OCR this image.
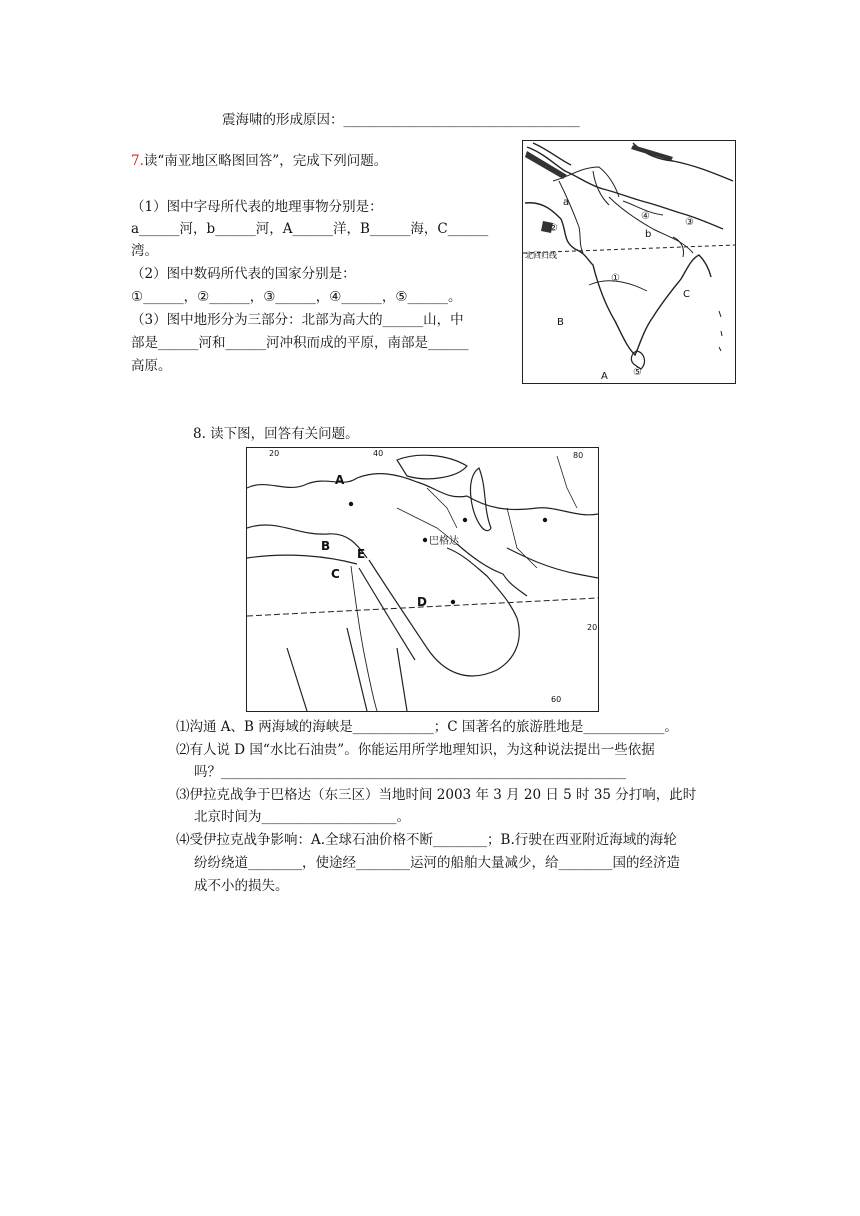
震海啸的形成原因：___________________________________
7.读“南亚地区略图回答”，完成下列问题。
（1）图中字母所代表的地理事物分别是：
a______河，b______河，A______洋，B______海，C______
湾。
（2）图中数码所代表的国家分别是：
①______，②______，③______，④______，⑤______。
（3）图中地形分为三部分：北部为高大的______山，中
部是______河和______河冲积而成的平原，南部是______
高原。
北回归线
a
②
④
b
③
①
C
B
A	⑤
8. 读下图，回答有关问题。
20	40	80
20
60
A
B
E
C
D
巴格达
⑴沟通 A、B 两海域的海峡是____________；C 国著名的旅游胜地是____________。
⑵有人说 D 国“水比石油贵”。你能运用所学地理知识，为这种说法提出一些依据
吗？____________________________________________________________
⑶伊拉克战争于巴格达（东三区）当地时间 2003 年 3 月 20 日 5 时 35 分打响，此时
北京时间为____________________。
⑷受伊拉克战争影响：A.全球石油价格不断________；B.行驶在西亚附近海域的海轮
纷纷绕道________，使途经________运河的船舶大量减少，给________国的经济造
成不小的损失。
